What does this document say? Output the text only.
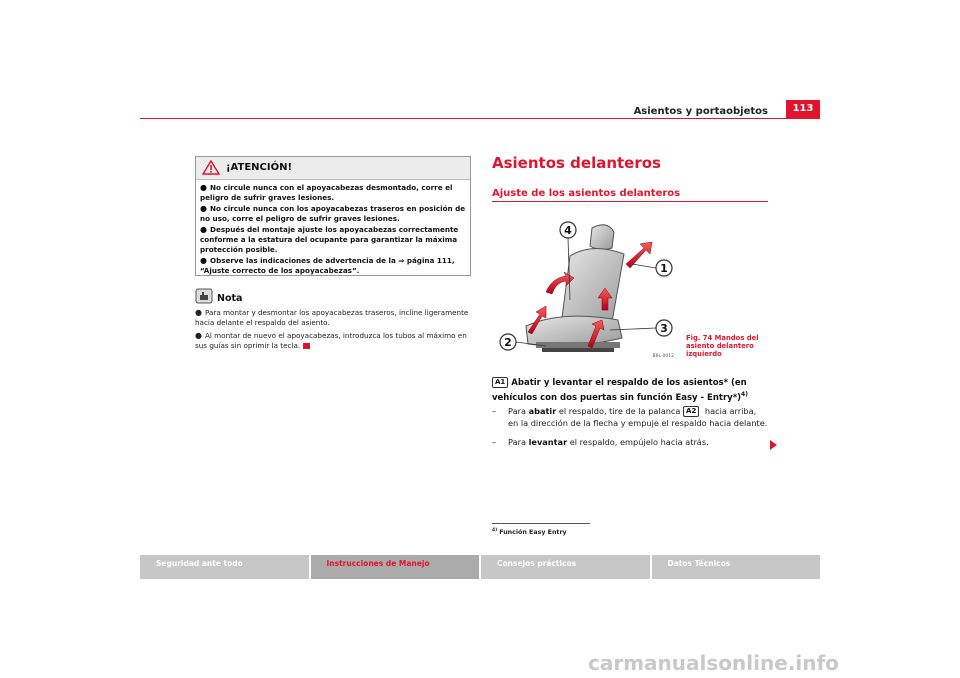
Asientos y portaobjetos	113
¡ATENCIÓN!
● No circule nunca con el apoyacabezas desmontado, corre el peligro de sufrir graves lesiones.
● No circule nunca con los apoyacabezas traseros en posición de no uso, corre el peligro de sufrir graves lesiones.
● Después del montaje ajuste los apoyacabezas correctamente conforme a la estatura del ocupante para garantizar la máxima protección posible.
● Observe las indicaciones de advertencia de la ⇒ página 111, “Ajuste correcto de los apoyacabezas”.
Nota
● Para montar y desmontar los apoyacabezas traseros, incline ligeramente hacia delante el respaldo del asiento.
● Al montar de nuevo el apoyacabezas, introduzca los tubos al máximo en sus guías sin oprimir la tecla.
Asientos delanteros
Ajuste de los asientos delanteros
4
1
3
2
B6L-0012
Fig. 74 Mandos del asiento delantero izquierdo
A1 Abatir y levantar el respaldo de los asientos* (en vehículos con dos puertas sin función Easy - Entry*)$^{4)}$
– Para abatir el respaldo, tire de la palanca A2 hacia arriba, en la dirección de la flecha y empuje el respaldo hacia delante.
– Para levantar el respaldo, empújelo hacia atrás.
$^{4)}$ Función Easy Entry
Seguridad ante todo	Instrucciones de Manejo	Consejos prácticos	Datos Técnicos
carmanualsonline.info
